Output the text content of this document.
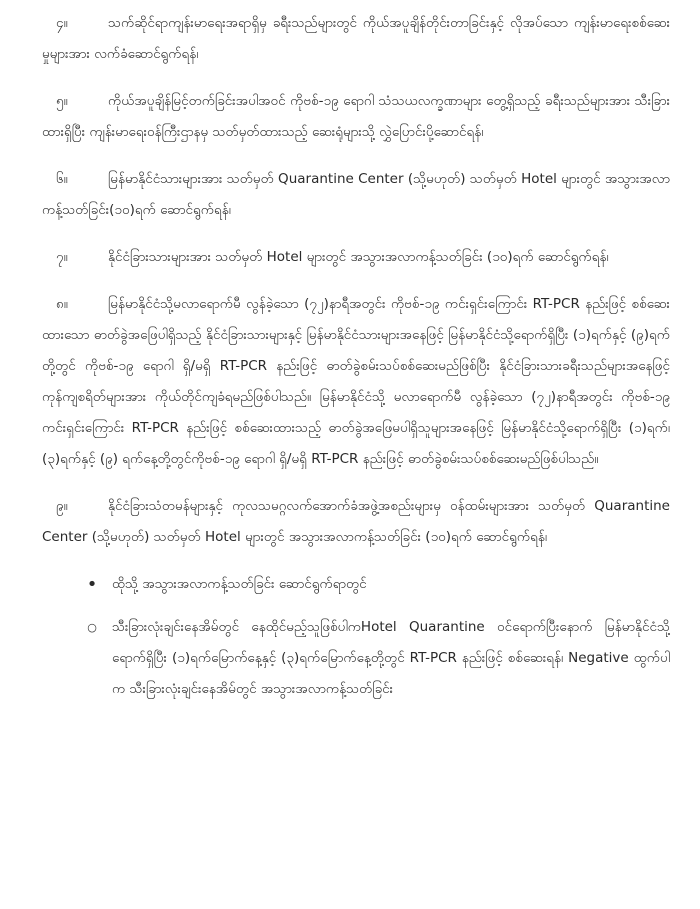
၄။	သက်ဆိုင်ရာကျန်းမာရေးအရာရှိမှ ခရီးသည်များတွင် ကိုယ်အပူချိန်တိုင်းတာခြင်းနှင့် လိုအပ်သော ကျန်းမာရေးစစ်ဆေးမှုများအား လက်ခံဆောင်ရွက်ရန်၊

၅။	ကိုယ်အပူချိန်မြင့်တက်ခြင်းအပါအဝင် ကိုဗစ်-၁၉ ရောဂါ သံသယလက္ခဏာများ တွေ့ရှိသည့် ခရီးသည်များအား သီးခြားထားရှိပြီး ကျန်းမာရေးဝန်ကြီးဌာနမှ သတ်မှတ်ထားသည့် ဆေးရုံများသို့ လွှဲပြောင်းပို့ဆောင်ရန်၊

၆။	မြန်မာနိုင်ငံသားများအား သတ်မှတ် Quarantine Center (သို့မဟုတ်) သတ်မှတ် Hotel များတွင် အသွားအလာကန့်သတ်ခြင်း(၁၀)ရက် ဆောင်ရွက်ရန်၊

၇။	နိုင်ငံခြားသားများအား သတ်မှတ် Hotel များတွင် အသွားအလာကန့်သတ်ခြင်း (၁၀)ရက် ဆောင်ရွက်ရန်၊

၈။	မြန်မာနိုင်ငံသို့မလာရောက်မီ လွန်ခဲ့သော (၇၂)နာရီအတွင်း ကိုဗစ်-၁၉ ကင်းရှင်းကြောင်း RT-PCR နည်းဖြင့် စစ်ဆေးထားသော ဓာတ်ခွဲအဖြေပါရှိသည့် နိုင်ငံခြားသားများနှင့် မြန်မာနိုင်ငံသားများအနေဖြင့် မြန်မာနိုင်ငံသို့ရောက်ရှိပြီး (၁)ရက်နှင့် (၉)ရက်တို့တွင် ကိုဗစ်-၁၉ ရောဂါ ရှိ/မရှိ RT-PCR နည်းဖြင့် ဓာတ်ခွဲစမ်းသပ်စစ်ဆေးမည်ဖြစ်ပြီး နိုင်ငံခြားသားခရီးသည်များအနေဖြင့် ကုန်ကျစရိတ်များအား ကိုယ်တိုင်ကျခံရမည်ဖြစ်ပါသည်။ မြန်မာနိုင်ငံသို့ မလာရောက်မီ လွန်ခဲ့သော (၇၂)နာရီအတွင်း ကိုဗစ်-၁၉ ကင်းရှင်းကြောင်း RT-PCR နည်းဖြင့် စစ်ဆေးထားသည့် ဓာတ်ခွဲအဖြေမပါရှိသူများအနေဖြင့် မြန်မာနိုင်ငံသို့ရောက်ရှိပြီး (၁)ရက်၊ (၃)ရက်နှင့် (၉) ရက်နေ့တို့တွင်ကိုဗစ်-၁၉ ရောဂါ ရှိ/မရှိ RT-PCR နည်းဖြင့် ဓာတ်ခွဲစမ်းသပ်စစ်ဆေးမည်ဖြစ်ပါသည်။

၉။	နိုင်ငံခြားသံတမန်များနှင့် ကုလသမဂ္ဂလက်အောက်ခံအဖွဲ့အစည်းများမှ ဝန်ထမ်းများအား သတ်မှတ် Quarantine Center (သို့မဟုတ်) သတ်မှတ် Hotel များတွင် အသွားအလာကန့်သတ်ခြင်း (၁၀)ရက် ဆောင်ရွက်ရန်၊

•
ထိုသို့ အသွားအလာကန့်သတ်ခြင်း ဆောင်ရွက်ရာတွင်
○
သီးခြားလုံးချင်းနေအိမ်တွင် နေထိုင်မည့်သူဖြစ်ပါကHotel Quarantine ဝင်ရောက်ပြီးနောက် မြန်မာနိုင်ငံသို့ရောက်ရှိပြီး (၁)ရက်မြောက်နေ့နှင့် (၃)ရက်မြောက်နေ့တို့တွင် RT-PCR နည်းဖြင့် စစ်ဆေးရန်၊ Negative ထွက်ပါက သီးခြားလုံးချင်းနေအိမ်တွင် အသွားအလာကန့်သတ်ခြင်း
